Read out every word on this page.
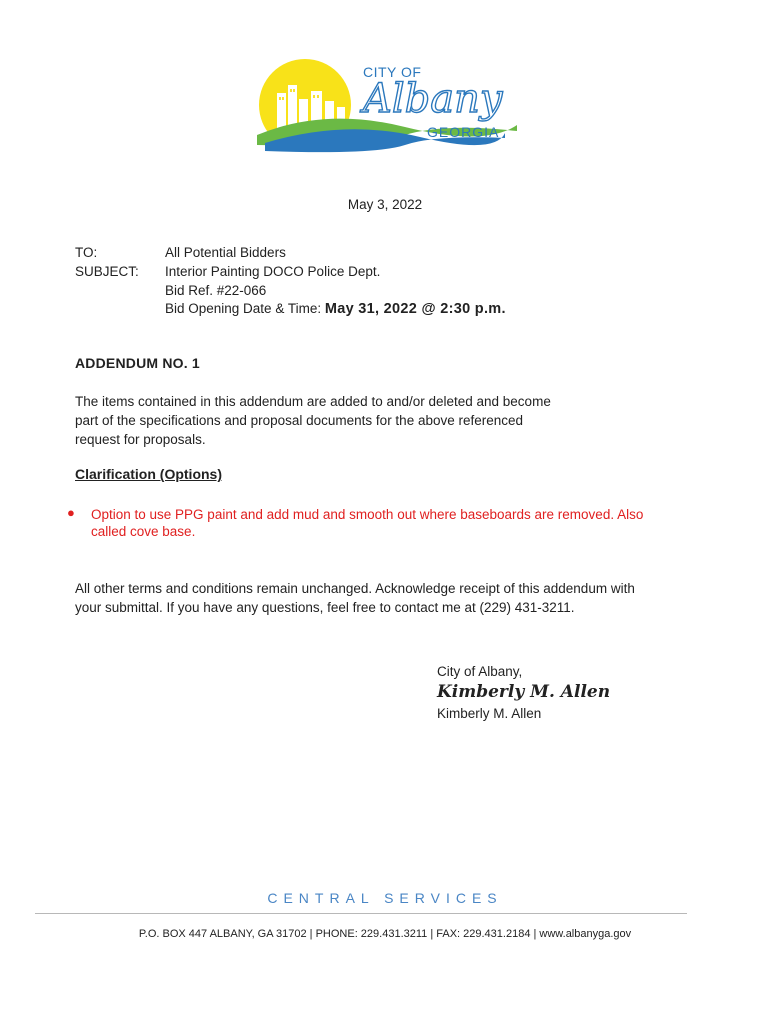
CITY OF
Albany
GEORGIA
May 3, 2022
TO:	All Potential Bidders
SUBJECT: Interior Painting DOCO Police Dept.
Bid Ref. #22-066
Bid Opening Date & Time: May 31, 2022 @ 2:30 p.m.
ADDENDUM NO. 1
The items contained in this addendum are added to and/or deleted and become
part of the specifications and proposal documents for the above referenced
request for proposals.
Clarification (Options)
● Option to use PPG paint and add mud and smooth out where baseboards are removed. Also
called cove base.
All other terms and conditions remain unchanged. Acknowledge receipt of this addendum with
your submittal. If you have any questions, feel free to contact me at (229) 431-3211.
City of Albany,
Kimberly M. Allen
Kimberly M. Allen
CENTRAL SERVICES
P.O. BOX 447 ALBANY, GA 31702 | PHONE: 229.431.3211 | FAX: 229.431.2184 | www.albanyga.gov
